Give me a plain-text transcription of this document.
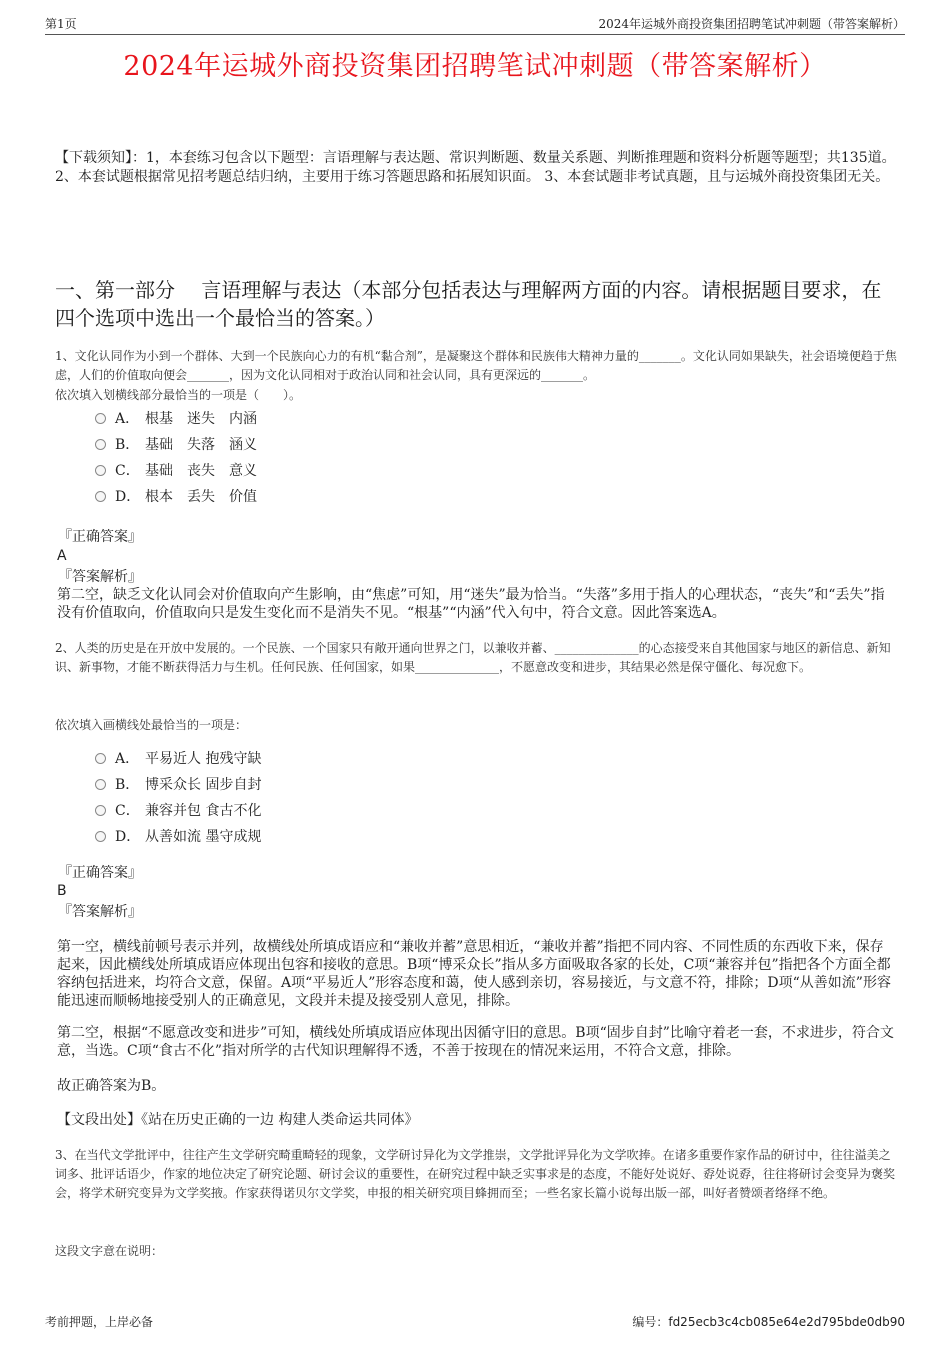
第1页	2024年运城外商投资集团招聘笔试冲刺题（带答案解析）
2024年运城外商投资集团招聘笔试冲刺题（带答案解析）
【下载须知】：1，本套练习包含以下题型：言语理解与表达题、常识判断题、数量关系题、判断推理题和资料分析题等题型；共135道。 2、本套试题根据常见招考题总结归纳，主要用于练习答题思路和拓展知识面。 3、本套试题非考试真题，且与运城外商投资集团无关。
一、第一部分　 言语理解与表达（本部分包括表达与理解两方面的内容。请根据题目要求，在四个选项中选出一个最恰当的答案。）
1、文化认同作为小到一个群体、大到一个民族向心力的有机“黏合剂”，是凝聚这个群体和民族伟大精神力量的_______。文化认同如果缺失，社会语境便趋于焦虑，人们的价值取向便会_______，因为文化认同相对于政治认同和社会认同，具有更深远的_______。
依次填入划横线部分最恰当的一项是（　　）。
A． 根基　迷失　内涵
B． 基础　失落　涵义
C． 基础　丧失　意义
D． 根本　丢失　价值
『正确答案』
A
『答案解析』
第二空，缺乏文化认同会对价值取向产生影响，由“焦虑”可知，用“迷失”最为恰当。“失落”多用于指人的心理状态，“丧失”和“丢失”指没有价值取向，价值取向只是发生变化而不是消失不见。“根基”“内涵”代入句中，符合文意。因此答案选A。
2、人类的历史是在开放中发展的。一个民族、一个国家只有敞开通向世界之门，以兼收并蓄、______________的心态接受来自其他国家与地区的新信息、新知识、新事物，才能不断获得活力与生机。任何民族、任何国家，如果______________，不愿意改变和进步，其结果必然是保守僵化、每况愈下。
依次填入画横线处最恰当的一项是：
A． 平易近人 抱残守缺
B． 博采众长 固步自封
C． 兼容并包 食古不化
D． 从善如流 墨守成规
『正确答案』
B
『答案解析』
第一空，横线前顿号表示并列，故横线处所填成语应和“兼收并蓄”意思相近，“兼收并蓄”指把不同内容、不同性质的东西收下来，保存起来，因此横线处所填成语应体现出包容和接收的意思。B项“博采众长”指从多方面吸取各家的长处，C项“兼容并包”指把各个方面全都容纳包括进来，均符合文意，保留。A项“平易近人”形容态度和蔼，使人感到亲切，容易接近，与文意不符，排除；D项“从善如流”形容能迅速而顺畅地接受别人的正确意见，文段并未提及接受别人意见，排除。
第二空，根据“不愿意改变和进步”可知，横线处所填成语应体现出因循守旧的意思。B项“固步自封”比喻守着老一套，不求进步，符合文意，当选。C项“食古不化”指对所学的古代知识理解得不透，不善于按现在的情况来运用，不符合文意，排除。
故正确答案为B。
【文段出处】《站在历史正确的一边 构建人类命运共同体》
3、在当代文学批评中，往往产生文学研究畸重畸轻的现象，文学研讨异化为文学推崇，文学批评异化为文学吹捧。在诸多重要作家作品的研讨中，往往溢美之词多、批评话语少，作家的地位决定了研究论题、研讨会议的重要性，在研究过程中缺乏实事求是的态度，不能好处说好、孬处说孬，往往将研讨会变异为褒奖会，将学术研究变异为文学奖掖。作家获得诺贝尔文学奖，申报的相关研究项目蜂拥而至；一些名家长篇小说每出版一部，叫好者赞颂者络绎不绝。
这段文字意在说明：
考前押题，上岸必备	编号：fd25ecb3c4cb085e64e2d795bde0db90
